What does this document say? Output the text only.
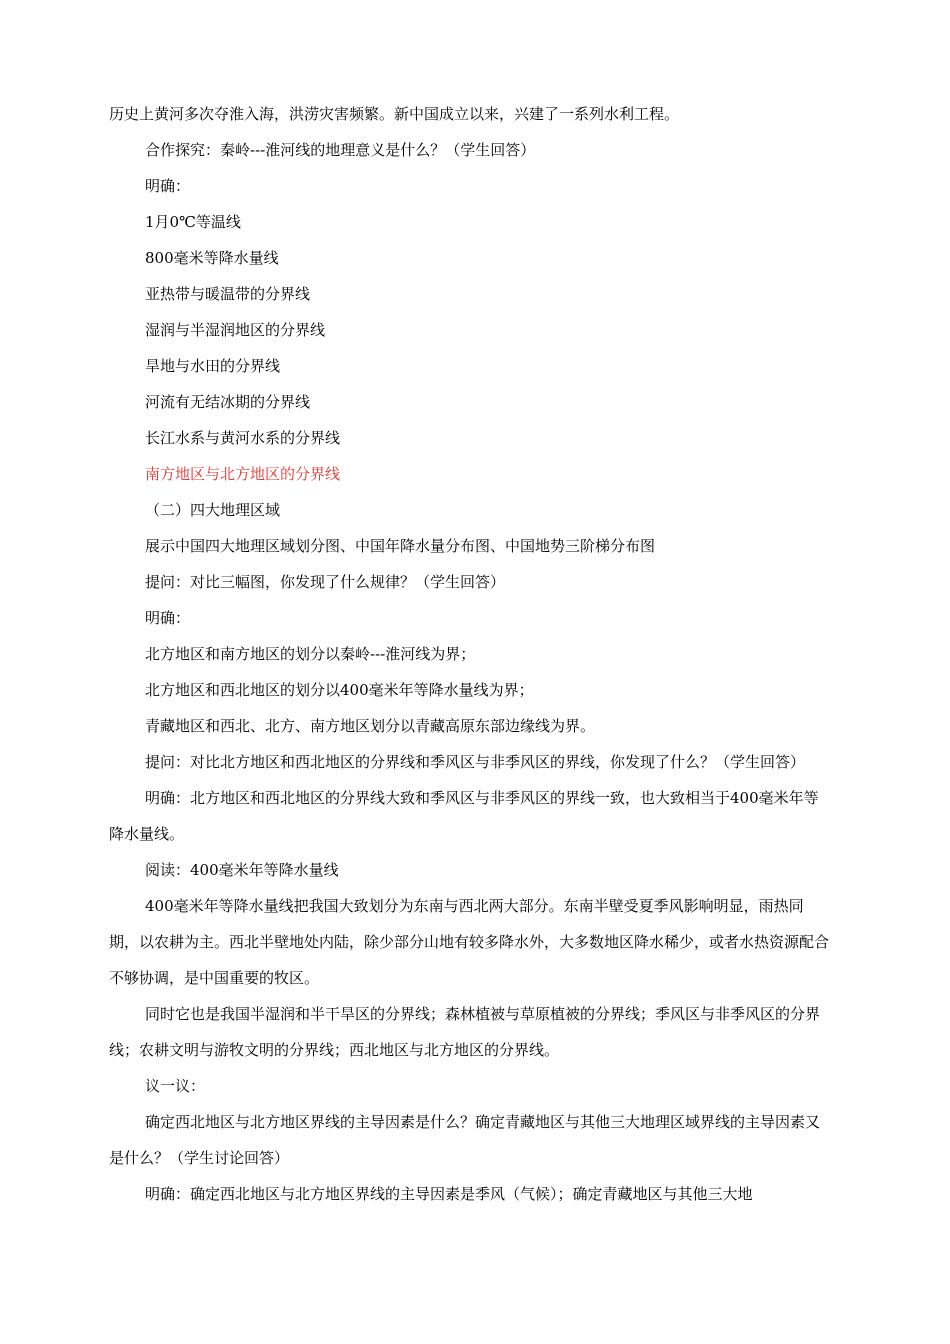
历史上黄河多次夺淮入海，洪涝灾害频繁。新中国成立以来，兴建了一系列水利工程。

合作探究：秦岭---淮河线的地理意义是什么？（学生回答）

明确：

1月0℃等温线

800毫米等降水量线

亚热带与暖温带的分界线

湿润与半湿润地区的分界线

旱地与水田的分界线

河流有无结冰期的分界线

长江水系与黄河水系的分界线

南方地区与北方地区的分界线

（二）四大地理区域

展示中国四大地理区域划分图、中国年降水量分布图、中国地势三阶梯分布图

提问：对比三幅图，你发现了什么规律？（学生回答）

明确：

北方地区和南方地区的划分以秦岭---淮河线为界；

北方地区和西北地区的划分以400毫米年等降水量线为界；

青藏地区和西北、北方、南方地区划分以青藏高原东部边缘线为界。

提问：对比北方地区和西北地区的分界线和季风区与非季风区的界线，你发现了什么？（学生回答）

明确：北方地区和西北地区的分界线大致和季风区与非季风区的界线一致，也大致相当于400毫米年等降水量线。

阅读：400毫米年等降水量线

400毫米年等降水量线把我国大致划分为东南与西北两大部分。东南半壁受夏季风影响明显，雨热同期，以农耕为主。西北半壁地处内陆，除少部分山地有较多降水外，大多数地区降水稀少，或者水热资源配合不够协调，是中国重要的牧区。

同时它也是我国半湿润和半干旱区的分界线；森林植被与草原植被的分界线；季风区与非季风区的分界线；农耕文明与游牧文明的分界线；西北地区与北方地区的分界线。

议一议：

确定西北地区与北方地区界线的主导因素是什么？确定青藏地区与其他三大地理区域界线的主导因素又是什么？（学生讨论回答）

明确：确定西北地区与北方地区界线的主导因素是季风（气候）；确定青藏地区与其他三大地
